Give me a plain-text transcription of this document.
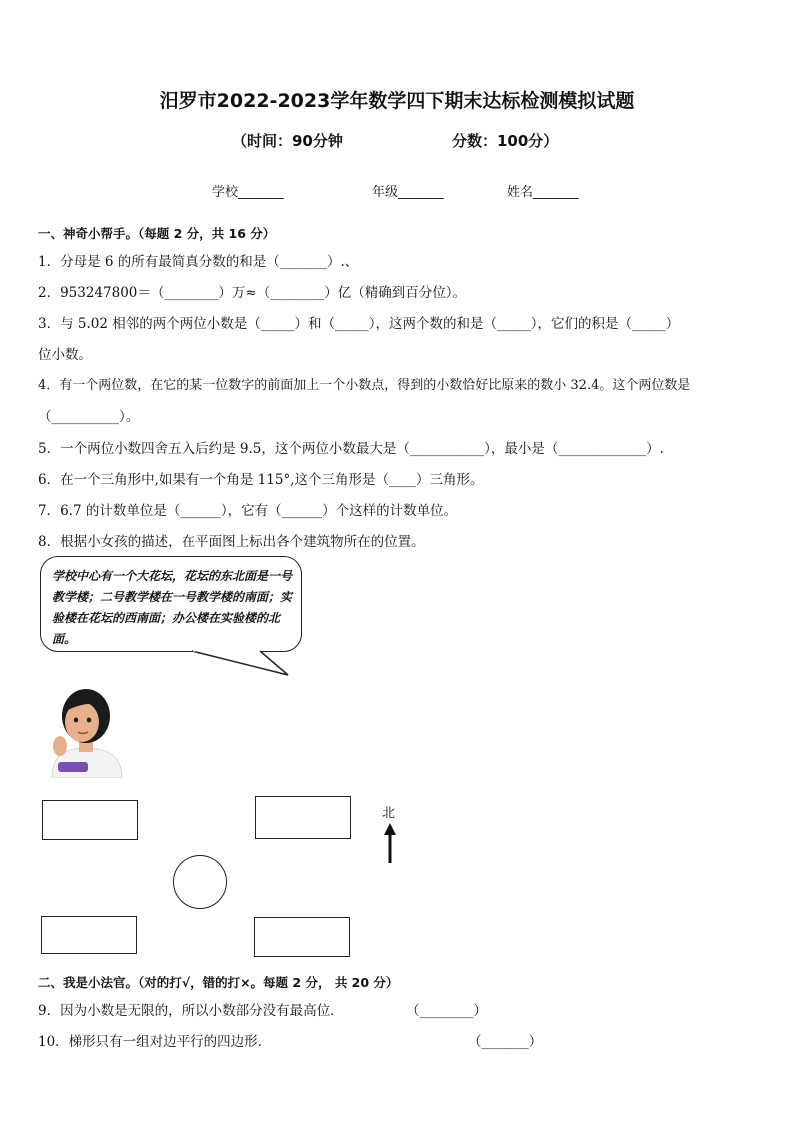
汨罗市2022-2023学年数学四下期末达标检测模拟试题
（时间：90分钟	分数：100分）
学校_______	年级_______	姓名_______
一、神奇小帮手。（每题 2 分，共 16 分）
1．分母是 6 的所有最简真分数的和是（_______）.、
2．953247800＝（________）万≈（________）亿（精确到百分位）。
3．与 5.02 相邻的两个两位小数是（_____）和（_____），这两个数的和是（_____），它们的积是（_____）
位小数。
4．有一个两位数，在它的某一位数字的前面加上一个小数点，得到的小数恰好比原来的数小 32.4。这个两位数是
（__________）。
5．一个两位小数四舍五入后约是 9.5，这个两位小数最大是（___________），最小是（_____________）.
6．在一个三角形中,如果有一个角是 115°,这个三角形是（____）三角形。
7．6.7 的计数单位是（______），它有（______）个这样的计数单位。
8．根据小女孩的描述，在平面图上标出各个建筑物所在的位置。
学校中心有一个大花坛，花坛的东北面是一号教学楼；二号教学楼在一号教学楼的南面；实验楼在花坛的西南面；办公楼在实验楼的北面。
北
二、我是小法官。（对的打√，错的打×。每题 2 分， 共 20 分）
9．因为小数是无限的，所以小数部分没有最高位．	（________）
10．梯形只有一组对边平行的四边形．	（_______）
